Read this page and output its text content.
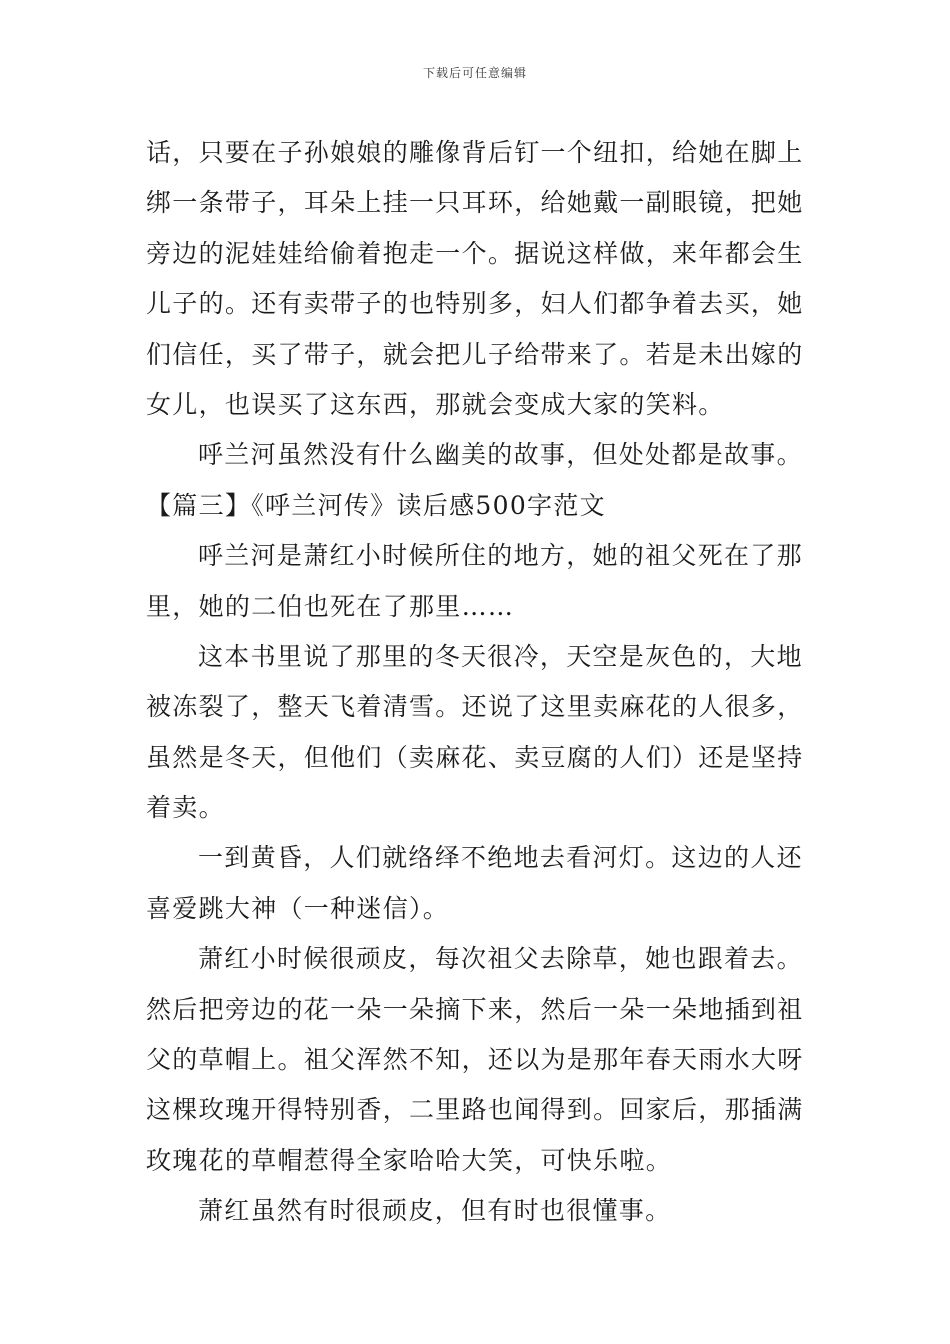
下载后可任意编辑
话，只要在子孙娘娘的雕像背后钉一个纽扣，给她在脚上
绑一条带子，耳朵上挂一只耳环，给她戴一副眼镜，把她
旁边的泥娃娃给偷着抱走一个。据说这样做，来年都会生
儿子的。还有卖带子的也特别多，妇人们都争着去买，她
们信任，买了带子，就会把儿子给带来了。若是未出嫁的
女儿，也误买了这东西，那就会变成大家的笑料。
呼兰河虽然没有什么幽美的故事，但处处都是故事。
【篇三】《呼兰河传》读后感500字范文
呼兰河是萧红小时候所住的地方，她的祖父死在了那
里，她的二伯也死在了那里……
这本书里说了那里的冬天很冷，天空是灰色的，大地
被冻裂了，整天飞着清雪。还说了这里卖麻花的人很多，
虽然是冬天，但他们（卖麻花、卖豆腐的人们）还是坚持
着卖。
一到黄昏，人们就络绎不绝地去看河灯。这边的人还
喜爱跳大神（一种迷信）。
萧红小时候很顽皮，每次祖父去除草，她也跟着去。
然后把旁边的花一朵一朵摘下来，然后一朵一朵地插到祖
父的草帽上。祖父浑然不知，还以为是那年春天雨水大呀
这棵玫瑰开得特别香，二里路也闻得到。回家后，那插满
玫瑰花的草帽惹得全家哈哈大笑，可快乐啦。
萧红虽然有时很顽皮，但有时也很懂事。
